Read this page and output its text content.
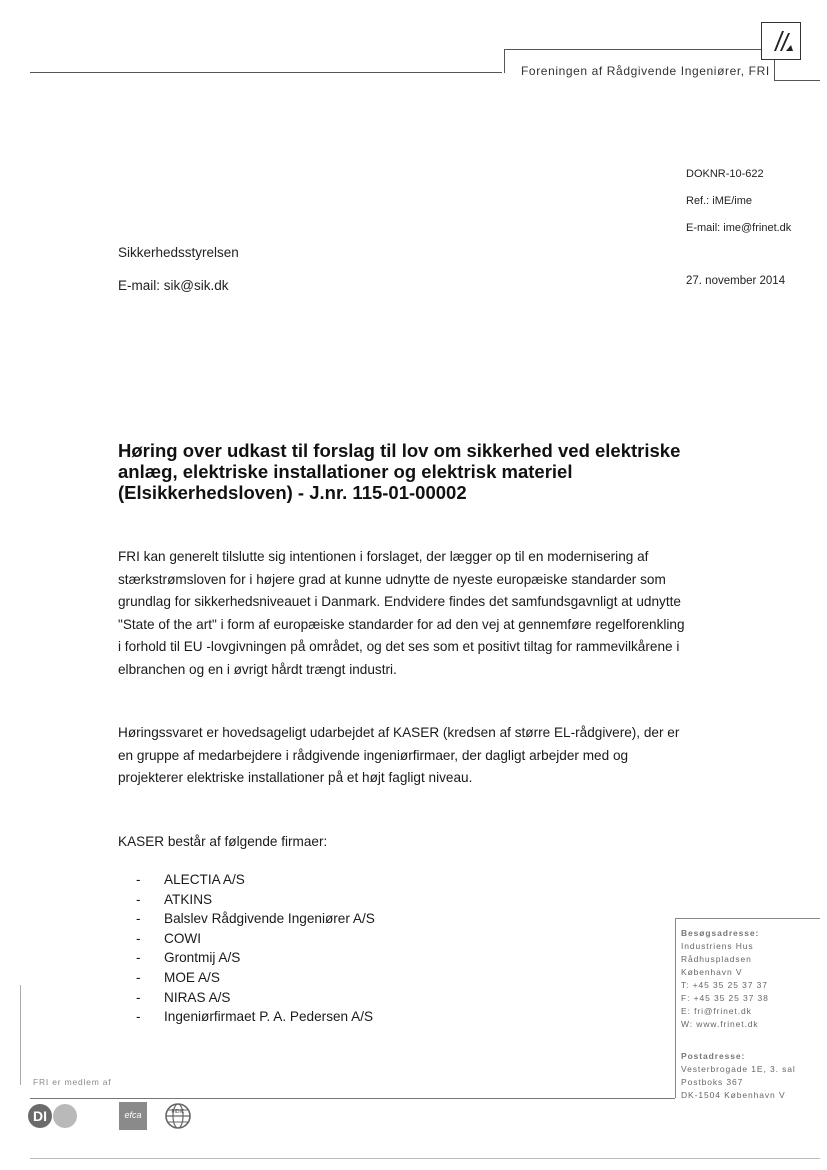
Foreningen af Rådgivende Ingeniører, FRI
DOKNR-10-622
Ref.: iME/ime
E-mail: ime@frinet.dk
27. november 2014
Sikkerhedsstyrelsen
E-mail: sik@sik.dk
Høring over udkast til forslag til lov om sikkerhed ved elektriske anlæg, elektriske installationer og elektrisk materiel (Elsikkerhedsloven) - J.nr. 115-01-00002
FRI kan generelt tilslutte sig intentionen i forslaget, der lægger op til en modernisering af stærkstrømsloven for i højere grad at kunne udnytte de nyeste europæiske standarder som grundlag for sikkerhedsniveauet i Danmark. Endvidere findes det samfundsgavnligt at udnytte "State of the art" i form af europæiske standarder for ad den vej at gennemføre regelforenkling i forhold til EU -lovgivningen på området, og det ses som et positivt tiltag for rammevilkårene i elbranchen og en i øvrigt hårdt trængt industri.
Høringssvaret er hovedsageligt udarbejdet af KASER (kredsen af større EL-rådgivere), der er en gruppe af medarbejdere i rådgivende ingeniørfirmaer, der dagligt arbejder med og projekterer elektriske installationer på et højt fagligt niveau.
KASER består af følgende firmaer:
- ALECTIA A/S
- ATKINS
- Balslev Rådgivende Ingeniører A/S
- COWI
- Grontmij A/S
- MOE A/S
- NIRAS A/S
- Ingeniørfirmaet P. A. Pedersen A/S
Besøgsadresse:
Industriens Hus
Rådhuspladsen
København V
T: +45 35 25 37 37
F: +45 35 25 37 38
E: fri@frinet.dk
W: www.frinet.dk
Postadresse:
Vesterbrogade 1E, 3. sal
Postboks 367
DK-1504 København V
FRI er medlem af
DI	efca	FIDIC
